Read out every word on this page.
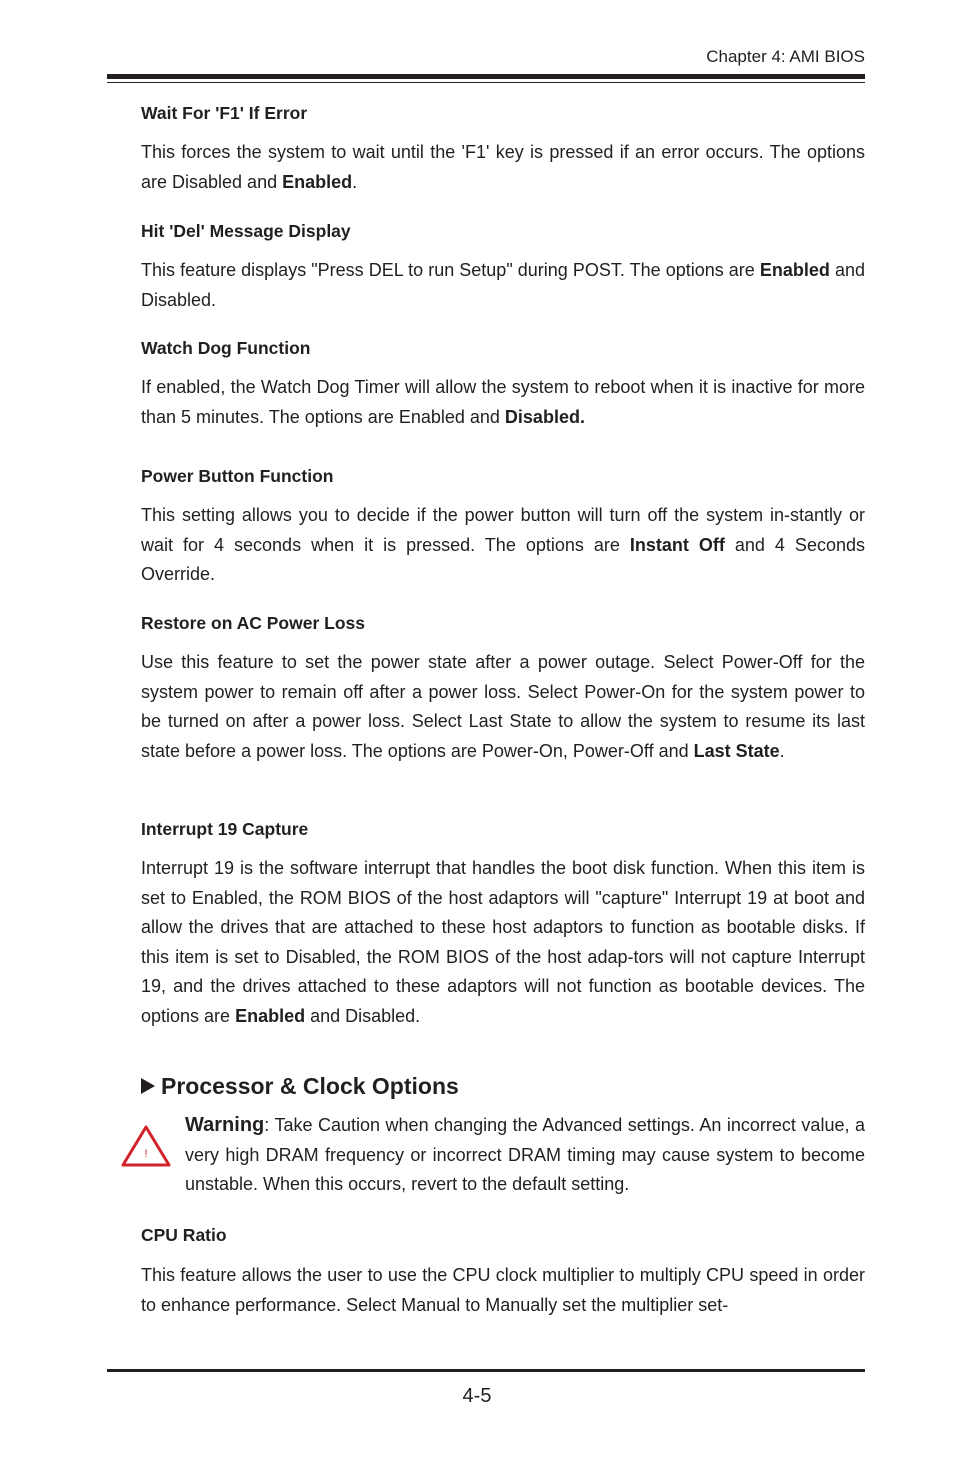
Chapter 4: AMI BIOS

Wait For 'F1' If Error

This forces the system to wait until the 'F1' key is pressed if an error occurs. The options are Disabled and Enabled.

Hit 'Del' Message Display

This feature displays "Press DEL to run Setup" during POST. The options are Enabled and Disabled.

Watch Dog Function

If enabled, the Watch Dog Timer will allow the system to reboot when it is inactive for more than 5 minutes. The options are Enabled and Disabled.

Power Button Function

This setting allows you to decide if the power button will turn off the system in-stantly or wait for 4 seconds when it is pressed. The options are Instant Off and 4 Seconds Override.

Restore on AC Power Loss

Use this feature to set the power state after a power outage. Select Power-Off for the system power to remain off after a power loss. Select Power-On for the system power to be turned on after a power loss. Select Last State to allow the system to resume its last state before a power loss. The options are Power-On, Power-Off and Last State.

Interrupt 19 Capture

Interrupt 19 is the software interrupt that handles the boot disk function. When this item is set to Enabled, the ROM BIOS of the host adaptors will "capture" Interrupt 19 at boot and allow the drives that are attached to these host adaptors to function as bootable disks. If this item is set to Disabled, the ROM BIOS of the host adap-tors will not capture Interrupt 19, and the drives attached to these adaptors will not function as bootable devices. The options are Enabled and Disabled.

Processor & Clock Options
!

Warning: Take Caution when changing the Advanced settings. An incorrect value, a very high DRAM frequency or incorrect DRAM timing may cause system to become unstable. When this occurs, revert to the default setting.

CPU Ratio

This feature allows the user to use the CPU clock multiplier to multiply CPU speed in order to enhance performance. Select Manual to Manually set the multiplier set-

4-5
